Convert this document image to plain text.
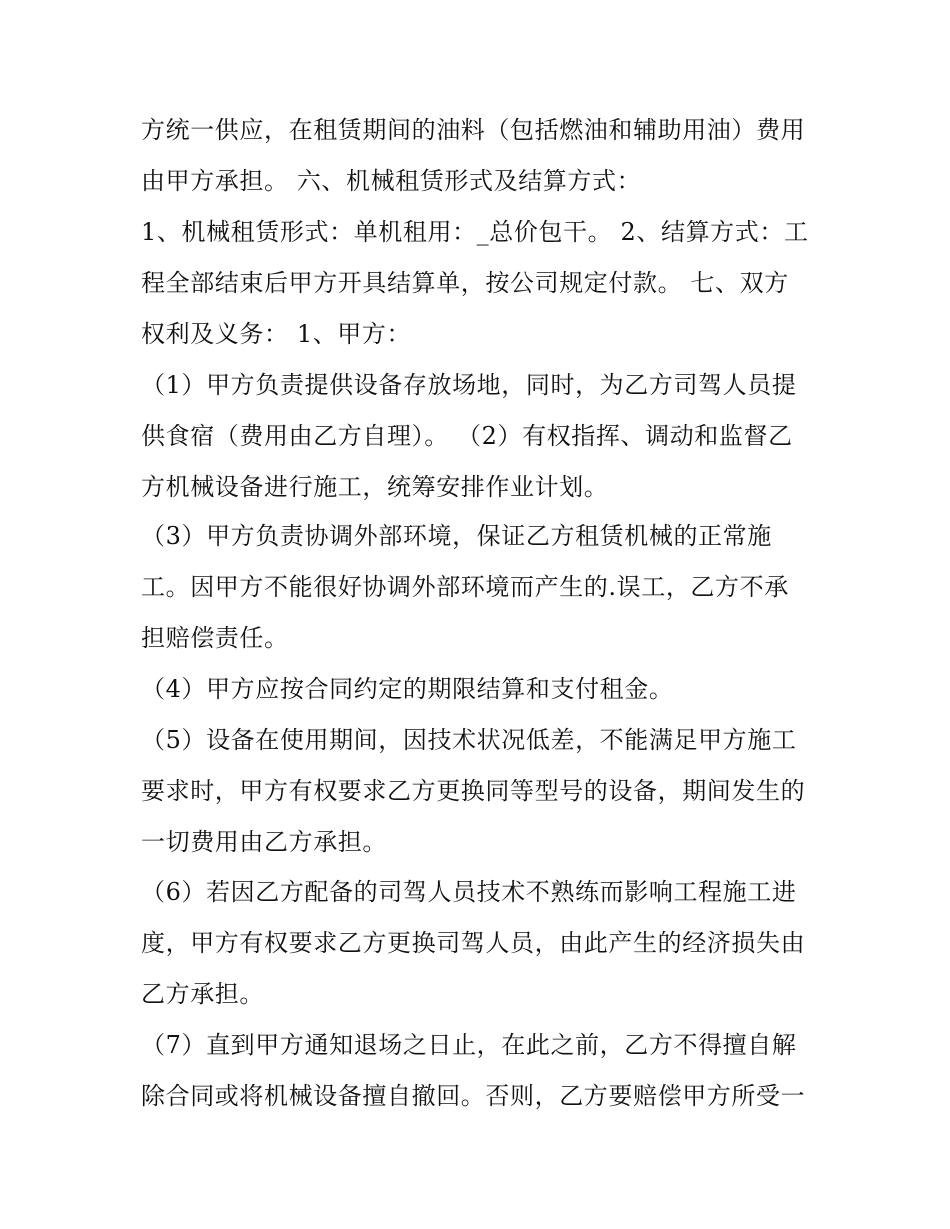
方统一供应，在租赁期间的油料（包括燃油和辅助用油）费用
由甲方承担。 六、机械租赁形式及结算方式：
1、机械租赁形式：单机租用：_总价包干。 2、结算方式：工
程全部结束后甲方开具结算单，按公司规定付款。 七、双方
权利及义务： 1、甲方：
（1）甲方负责提供设备存放场地，同时，为乙方司驾人员提
供食宿（费用由乙方自理）。 （2）有权指挥、调动和监督乙
方机械设备进行施工，统筹安排作业计划。
（3）甲方负责协调外部环境，保证乙方租赁机械的正常施
工。因甲方不能很好协调外部环境而产生的.误工，乙方不承
担赔偿责任。
（4）甲方应按合同约定的期限结算和支付租金。
（5）设备在使用期间，因技术状况低差，不能满足甲方施工
要求时，甲方有权要求乙方更换同等型号的设备，期间发生的
一切费用由乙方承担。
（6）若因乙方配备的司驾人员技术不熟练而影响工程施工进
度，甲方有权要求乙方更换司驾人员，由此产生的经济损失由
乙方承担。
（7）直到甲方通知退场之日止，在此之前，乙方不得擅自解
除合同或将机械设备擅自撤回。否则，乙方要赔偿甲方所受一
